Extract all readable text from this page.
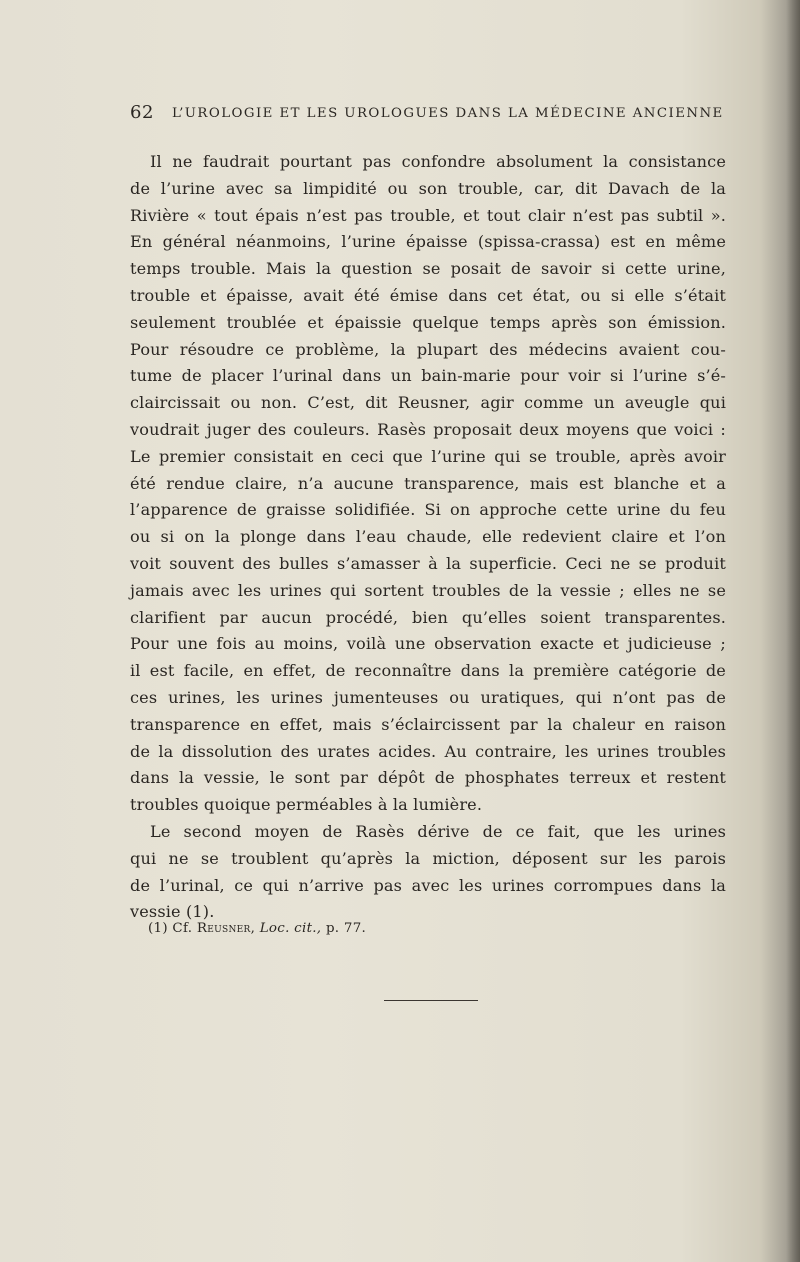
62 L’UROLOGIE ET LES UROLOGUES DANS LA MÉDECINE ANCIENNE
Il ne faudrait pourtant pas confondre absolument la consistance
de l’urine avec sa limpidité ou son trouble, car, dit Davach de la
Rivière « tout épais n’est pas trouble, et tout clair n’est pas subtil ».
En général néanmoins, l’urine épaisse (spissa-crassa) est en même
temps trouble. Mais la question se posait de savoir si cette urine,
trouble et épaisse, avait été émise dans cet état, ou si elle s’était
seulement troublée et épaissie quelque temps après son émission.
Pour résoudre ce problème, la plupart des médecins avaient cou-
tume de placer l’urinal dans un bain-marie pour voir si l’urine s’é-
claircissait ou non. C’est, dit Reusner, agir comme un aveugle qui
voudrait juger des couleurs. Rasès proposait deux moyens que voici :
Le premier consistait en ceci que l’urine qui se trouble, après avoir
été rendue claire, n’a aucune transparence, mais est blanche et a
l’apparence de graisse solidifiée. Si on approche cette urine du feu
ou si on la plonge dans l’eau chaude, elle redevient claire et l’on
voit souvent des bulles s’amasser à la superficie. Ceci ne se produit
jamais avec les urines qui sortent troubles de la vessie ; elles ne se
clarifient par aucun procédé, bien qu’elles soient transparentes.
Pour une fois au moins, voilà une observation exacte et judicieuse ;
il est facile, en effet, de reconnaître dans la première catégorie de
ces urines, les urines jumenteuses ou uratiques, qui n’ont pas de
transparence en effet, mais s’éclaircissent par la chaleur en raison
de la dissolution des urates acides. Au contraire, les urines troubles
dans la vessie, le sont par dépôt de phosphates terreux et restent
troubles quoique perméables à la lumière.
Le second moyen de Rasès dérive de ce fait, que les urines
qui ne se troublent qu’après la miction, déposent sur les parois
de l’urinal, ce qui n’arrive pas avec les urines corrompues dans la
vessie (1).
(1) Cf. Reusner, Loc. cit., p. 77.
